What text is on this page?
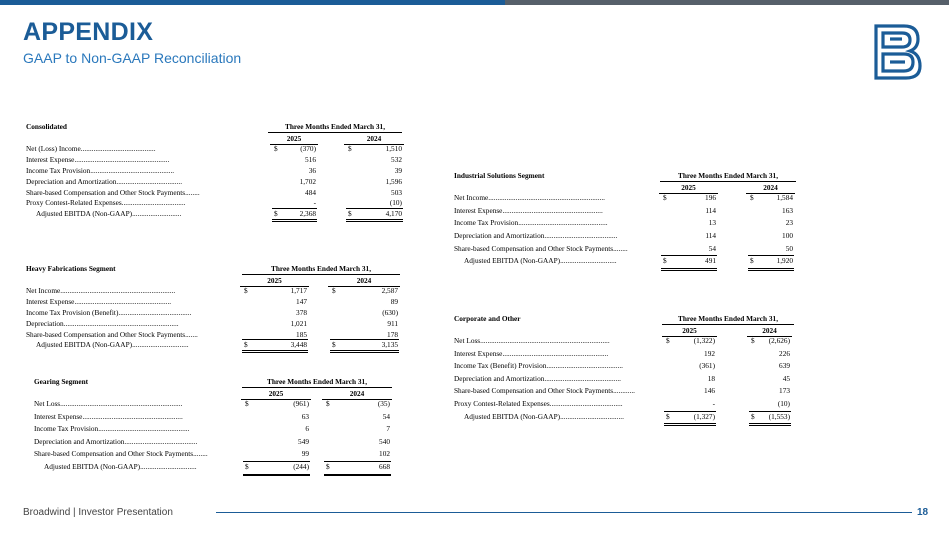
APPENDIX
GAAP to Non-GAAP Reconciliation
Consolidated	Three Months Ended March 31,
2025	2024
Net (Loss) Income.........................................	$	(370)	$	1,510
Interest Expense....................................................	516	532
Income Tax Provision..............................................	36	39
Depreciation and Amortization....................................	1,702	1,596
Share-based Compensation and Other Stock Payments........	484	503
Proxy Contest-Related Expenses...................................	-	(10)
Adjusted EBITDA (Non-GAAP)...........................	$	2,368	$	4,170
Heavy Fabrications Segment	Three Months Ended March 31,
2025	2024
Net Income...............................................................	$	1,717	$	2,587
Interest Expense.....................................................	147	89
Income Tax Provision (Benefit)........................................	378	(630)
Depreciation...............................................................	1,021	911
Share-based Compensation and Other Stock Payments.......	185	178
Adjusted EBITDA (Non-GAAP)...............................	$	3,448	$	3,135
Gearing Segment	Three Months Ended March 31,
2025	2024
Net Loss...................................................................	$	(961) $	(35)
Interest Expense.......................................................	63	54
Income Tax Provision..................................................	6	7
Depreciation and Amortization........................................	549	540
Share-based Compensation and Other Stock Payments........	99	102
Adjusted EBITDA (Non-GAAP)...............................	$	(244) $	668
Industrial Solutions Segment	Three Months Ended March 31,
2025	2024
Net Income................................................................	$	196	$	1,584
Interest Expense.......................................................	114	163
Income Tax Provision.................................................	13	23
Depreciation and Amortization........................................	114	100
Share-based Compensation and Other Stock Payments........	54	50
Adjusted EBITDA (Non-GAAP)...............................	$	491	$	1,920
Corporate and Other	Three Months Ended March 31,
2025	2024
Net Loss.......................................................................	$	(1,322)	$	(2,626)
Interest Expense..........................................................	192	226
Income Tax (Benefit) Provision..........................................	(361)	639
Depreciation and Amortization..........................................	18	45
Share-based Compensation and Other Stock Payments............	146	173
Proxy Contest-Related Expenses........................................	-	(10)
Adjusted EBITDA (Non-GAAP)...................................	$	(1,327)	$	(1,553)
Broadwind | Investor Presentation	18
